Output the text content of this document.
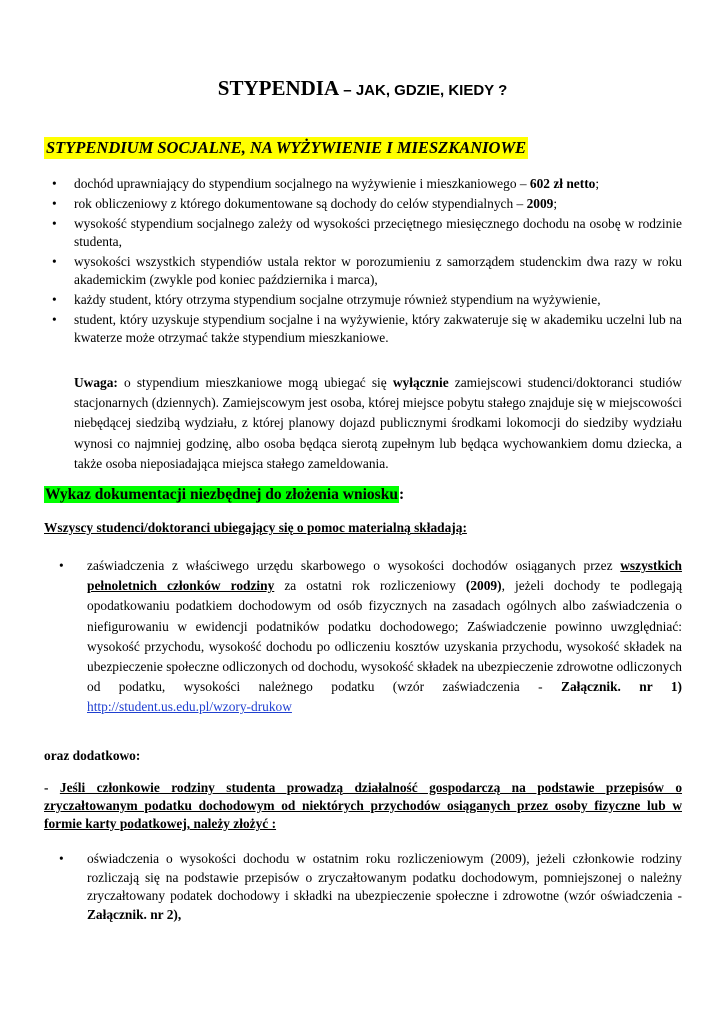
STYPENDIA – JAK, GDZIE, KIEDY ?
STYPENDIUM SOCJALNE, NA WYŻYWIENIE I MIESZKANIOWE
• dochód uprawniający do stypendium socjalnego na wyżywienie i mieszkaniowego – 602 zł netto;
• rok obliczeniowy z którego dokumentowane są dochody do celów stypendialnych – 2009;
• wysokość stypendium socjalnego zależy od wysokości przeciętnego miesięcznego dochodu na osobę w rodzinie studenta,
• wysokości wszystkich stypendiów ustala rektor w porozumieniu z samorządem studenckim dwa razy w roku akademickim (zwykle pod koniec października i marca),
• każdy student, który otrzyma stypendium socjalne otrzymuje również stypendium na wyżywienie,
• student, który uzyskuje stypendium socjalne i na wyżywienie, który zakwateruje się w akademiku uczelni lub na kwaterze może otrzymać także stypendium mieszkaniowe.
Uwaga: o stypendium mieszkaniowe mogą ubiegać się wyłącznie zamiejscowi studenci/doktoranci studiów stacjonarnych (dziennych). Zamiejscowym jest osoba, której miejsce pobytu stałego znajduje się w miejscowości niebędącej siedzibą wydziału, z której planowy dojazd publicznymi środkami lokomocji do siedziby wydziału wynosi co najmniej godzinę, albo osoba będąca sierotą zupełnym lub będąca wychowankiem domu dziecka, a także osoba nieposiadająca miejsca stałego zameldowania.
Wykaz dokumentacji niezbędnej do złożenia wniosku:
Wszyscy studenci/doktoranci ubiegający się o pomoc materialną składają:
• zaświadczenia z właściwego urzędu skarbowego o wysokości dochodów osiąganych przez wszystkich pełnoletnich członków rodziny za ostatni rok rozliczeniowy (2009), jeżeli dochody te podlegają opodatkowaniu podatkiem dochodowym od osób fizycznych na zasadach ogólnych albo zaświadczenia o niefigurowaniu w ewidencji podatników podatku dochodowego; Zaświadczenie powinno uwzględniać: wysokość przychodu, wysokość dochodu po odliczeniu kosztów uzyskania przychodu, wysokość składek na ubezpieczenie społeczne odliczonych od dochodu, wysokość składek na ubezpieczenie zdrowotne odliczonych od podatku, wysokości należnego podatku (wzór zaświadczenia - Załącznik. nr 1) http://student.us.edu.pl/wzory-drukow
oraz dodatkowo:
- Jeśli członkowie rodziny studenta prowadzą działalność gospodarczą na podstawie przepisów o zryczałtowanym podatku dochodowym od niektórych przychodów osiąganych przez osoby fizyczne lub w formie karty podatkowej, należy złożyć :
• oświadczenia o wysokości dochodu w ostatnim roku rozliczeniowym (2009), jeżeli członkowie rodziny rozliczają się na podstawie przepisów o zryczałtowanym podatku dochodowym, pomniejszonej o należny zryczałtowany podatek dochodowy i składki na ubezpieczenie społeczne i zdrowotne (wzór oświadczenia - Załącznik. nr 2),
